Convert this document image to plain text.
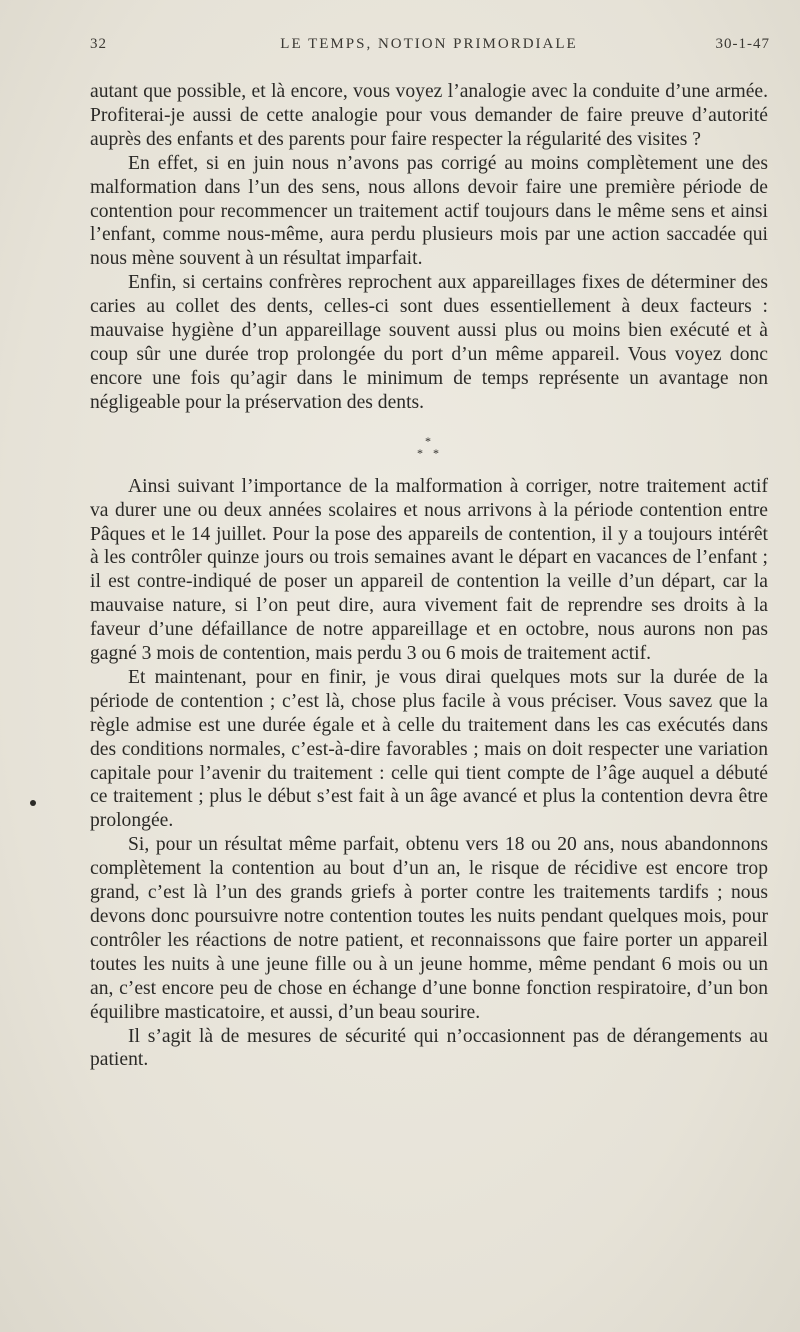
32	LE TEMPS, NOTION PRIMORDIALE	30-1-47

autant que possible, et là encore, vous voyez l’analogie avec la conduite d’une armée. Profiterai-je aussi de cette analogie pour vous demander de faire preuve d’autorité auprès des enfants et des parents pour faire respecter la régularité des visites ?

En effet, si en juin nous n’avons pas corrigé au moins complètement une des malformation dans l’un des sens, nous allons devoir faire une première période de contention pour recommencer un traitement actif toujours dans le même sens et ainsi l’enfant, comme nous-même, aura perdu plusieurs mois par une action saccadée qui nous mène souvent à un résultat imparfait.

Enfin, si certains confrères reprochent aux appareillages fixes de déterminer des caries au collet des dents, celles-ci sont dues essentiellement à deux facteurs : mauvaise hygiène d’un appareillage souvent aussi plus ou moins bien exécuté et à coup sûr une durée trop prolongée du port d’un même appareil. Vous voyez donc encore une fois qu’agir dans le minimum de temps représente un avantage non négligeable pour la préservation des dents.

*
* *

Ainsi suivant l’importance de la malformation à corriger, notre traitement actif va durer une ou deux années scolaires et nous arrivons à la période contention entre Pâques et le 14 juillet. Pour la pose des appareils de contention, il y a toujours intérêt à les contrôler quinze jours ou trois semaines avant le départ en vacances de l’enfant ; il est contre-indiqué de poser un appareil de contention la veille d’un départ, car la mauvaise nature, si l’on peut dire, aura vivement fait de reprendre ses droits à la faveur d’une défaillance de notre appareillage et en octobre, nous aurons non pas gagné 3 mois de contention, mais perdu 3 ou 6 mois de traitement actif.

Et maintenant, pour en finir, je vous dirai quelques mots sur la durée de la période de contention ; c’est là, chose plus facile à vous préciser. Vous savez que la règle admise est une durée égale et à celle du traitement dans les cas exécutés dans des conditions normales, c’est-à-dire favorables ; mais on doit respecter une variation capitale pour l’avenir du traitement : celle qui tient compte de l’âge auquel a débuté ce traitement ; plus le début s’est fait à un âge avancé et plus la contention devra être prolongée.

Si, pour un résultat même parfait, obtenu vers 18 ou 20 ans, nous abandonnons complètement la contention au bout d’un an, le risque de récidive est encore trop grand, c’est là l’un des grands griefs à porter contre les traitements tardifs ; nous devons donc poursuivre notre contention toutes les nuits pendant quelques mois, pour contrôler les réactions de notre patient, et reconnaissons que faire porter un appareil toutes les nuits à une jeune fille ou à un jeune homme, même pendant 6 mois ou un an, c’est encore peu de chose en échange d’une bonne fonction respiratoire, d’un bon équilibre masticatoire, et aussi, d’un beau sourire.

Il s’agit là de mesures de sécurité qui n’occasionnent pas de dérangements au patient.
